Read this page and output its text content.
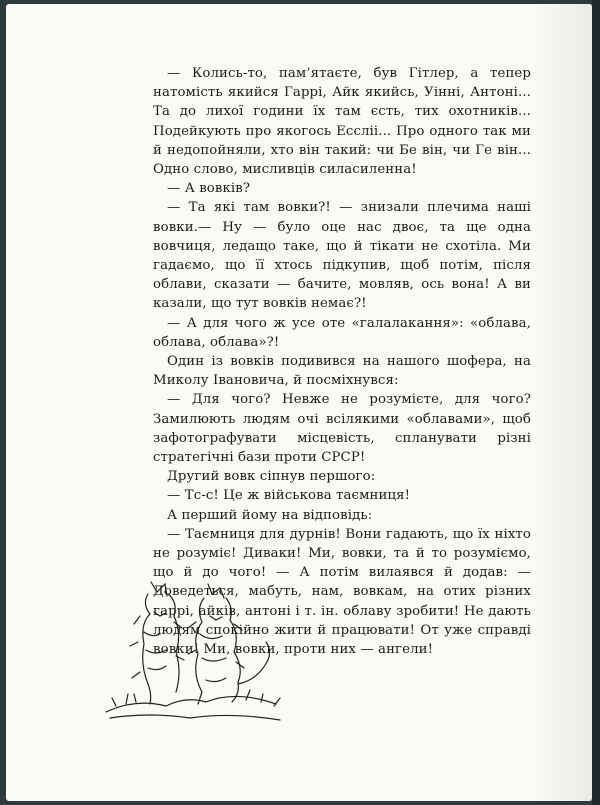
— Колись-то, пам’ятаєте, був Гітлер, а тепер натомість якийся Гаррі, Айк якийсь, Уінні, Антоні... Та до лихої години їх там єсть, тих охотників... Подейкують про якогось Ессліі... Про одного так ми й недопойняли, хто він такий: чи Бе він, чи Ге він... Одно слово, мисливців силасиленна!

— А вовків?

— Та які там вовки?! — знизали плечима наші вовки.— Ну — було оце нас двоє, та ще одна вовчиця, ледащо таке, що й тікати не схотіла. Ми гадаємо, що її хтось підкупив, щоб потім, після облави, сказати — бачите, мовляв, ось вона! А ви казали, що тут вовків немає?!

— А для чого ж усе оте «галалакання»: «облава, облава, облава»?!

Один із вовків подивився на нашого шофера, на Миколу Івановича, й посміхнувся:

— Для чого? Невже не розумієте, для чого? Замилюють людям очі всілякими «облавами», щоб зафотографувати місцевість, спланувати різні стратегічні бази проти СРСР!

Другий вовк сіпнув першого:

— Тс-с! Це ж військова таємниця!

А перший йому на відповідь:

— Таємниця для дурнів! Вони гадають, що їх ніхто не розуміє! Диваки! Ми, вовки, та й то розуміємо, що й до чого! — А потім вилаявся й додав: — Доведеться, мабуть, нам, вовкам, на отих різних гаррі, айків, антоні і т. ін. облаву зробити! Не дають людям спокійно жити й працювати! От уже справді вовки! Ми, вовки, проти них — ангели!
